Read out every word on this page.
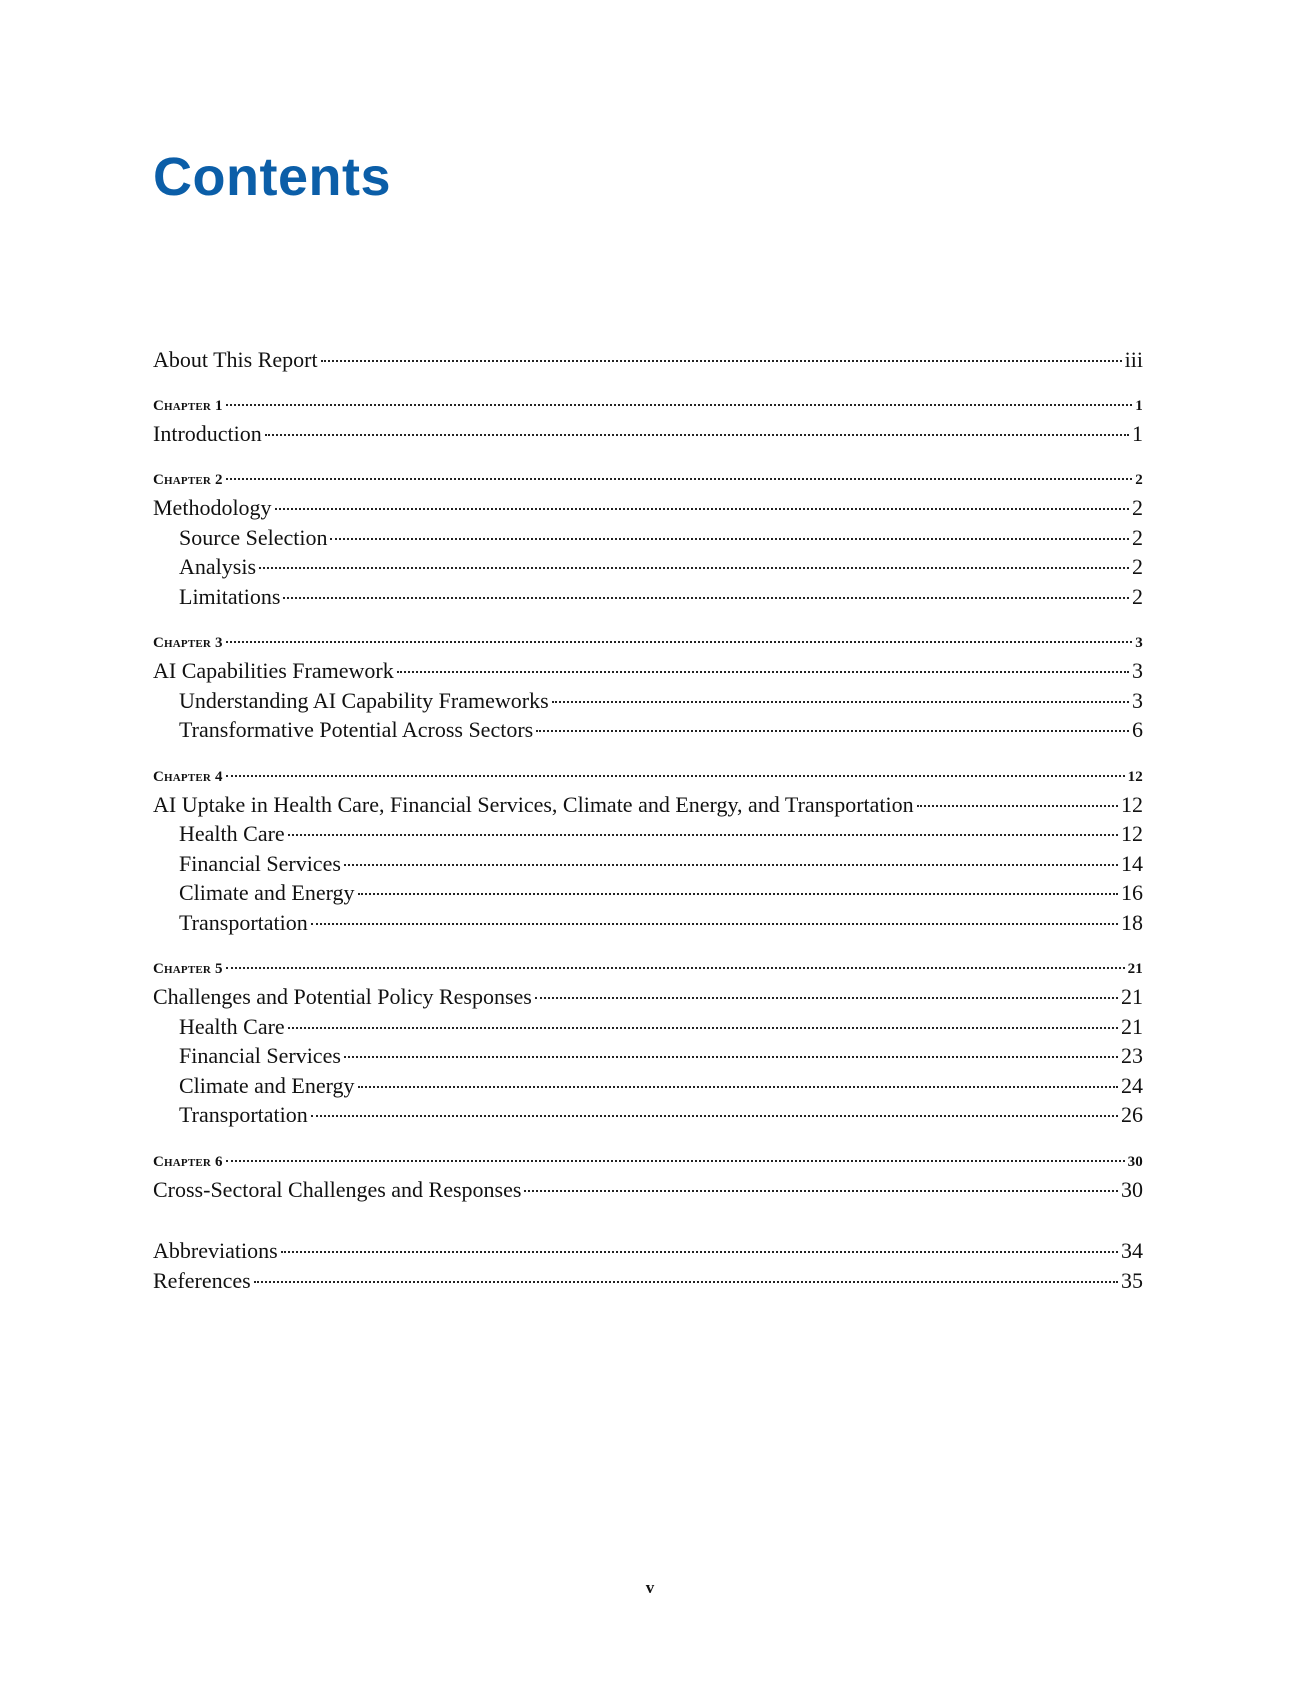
Contents
About This Report	iii
Chapter 1	1
Introduction	1
Chapter 2	2
Methodology	2
Source Selection	2
Analysis	2
Limitations	2
Chapter 3	3
AI Capabilities Framework	3
Understanding AI Capability Frameworks	3
Transformative Potential Across Sectors	6
Chapter 4	12
AI Uptake in Health Care, Financial Services, Climate and Energy, and Transportation	12
Health Care	12
Financial Services	14
Climate and Energy	16
Transportation	18
Chapter 5	21
Challenges and Potential Policy Responses	21
Health Care	21
Financial Services	23
Climate and Energy	24
Transportation	26
Chapter 6	30
Cross-Sectoral Challenges and Responses	30
Abbreviations	34
References	35
v
